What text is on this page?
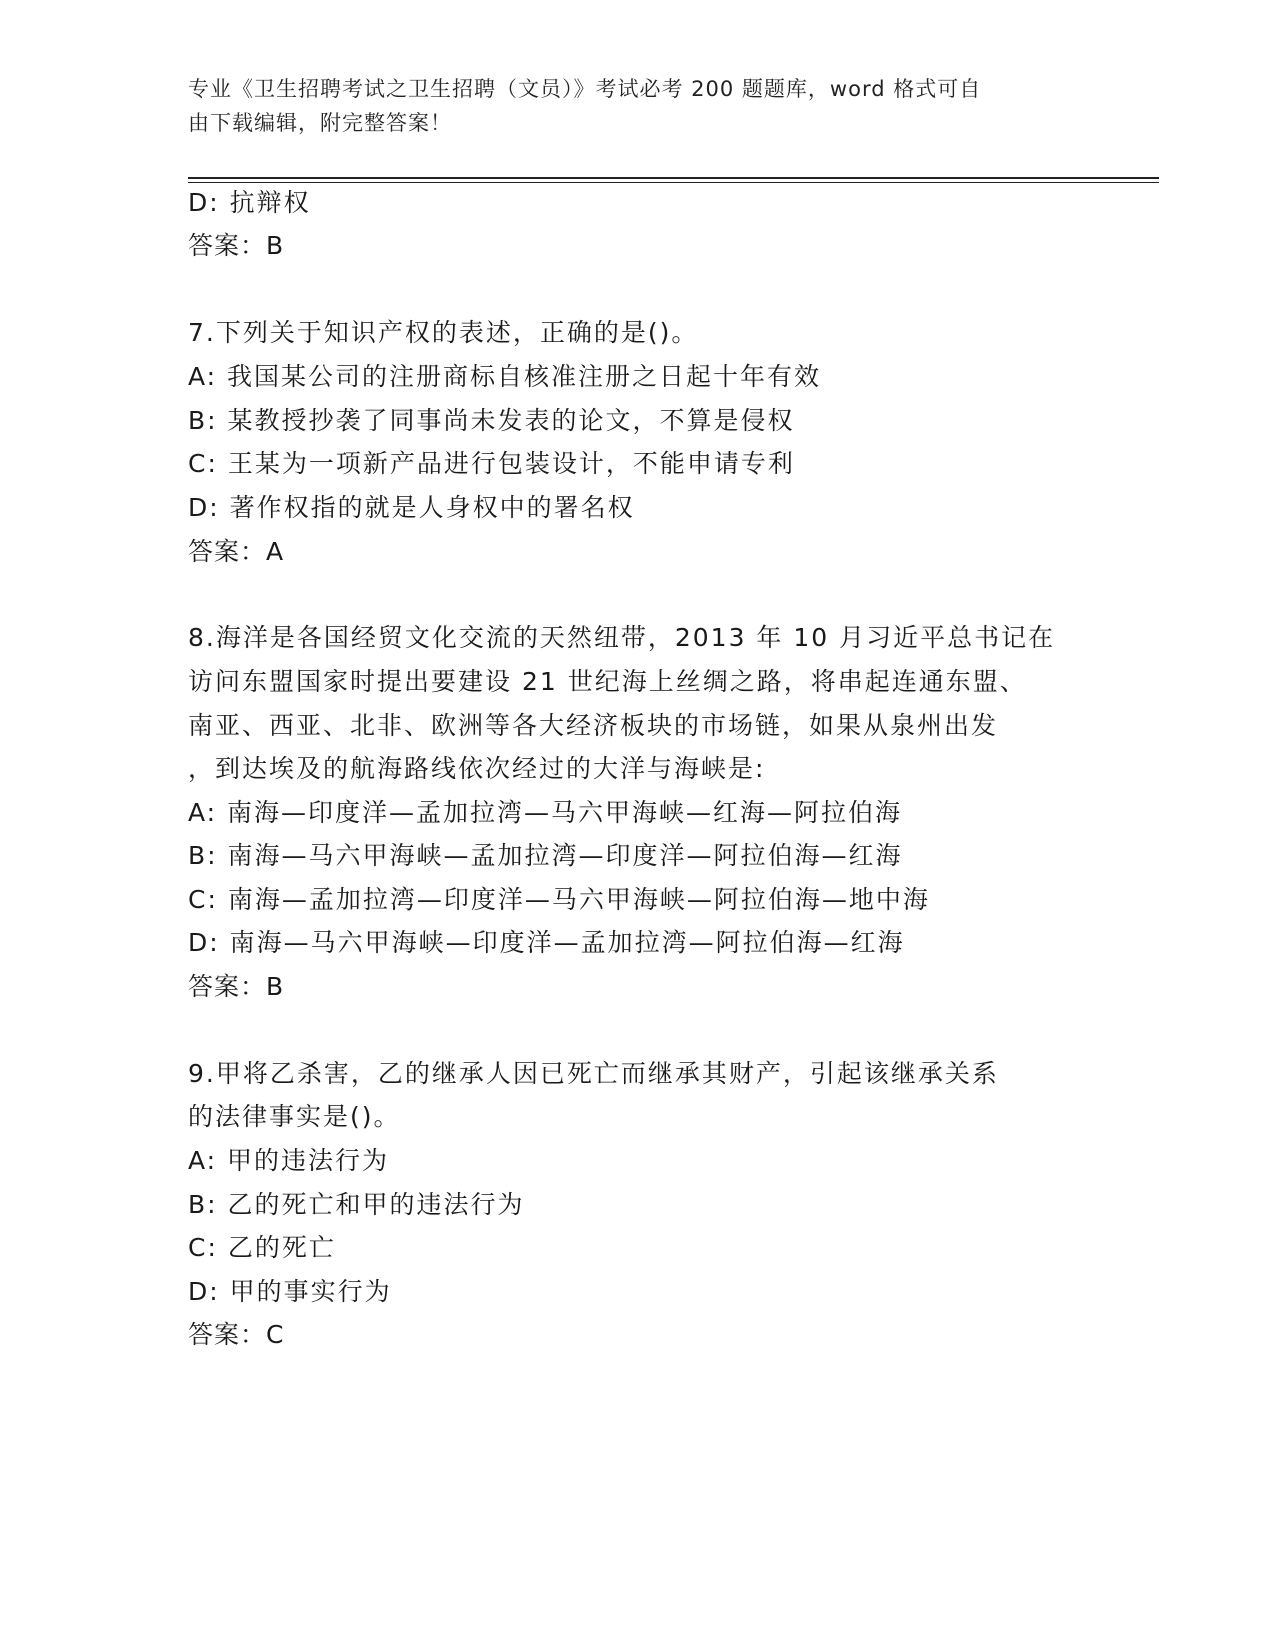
专业《卫生招聘考试之卫生招聘（文员）》考试必考 200 题题库，word 格式可自
由下载编辑，附完整答案！
D: 抗辩权
答案：B
7.下列关于知识产权的表述，正确的是()。
A: 我国某公司的注册商标自核准注册之日起十年有效
B: 某教授抄袭了同事尚未发表的论文，不算是侵权
C: 王某为一项新产品进行包装设计，不能申请专利
D: 著作权指的就是人身权中的署名权
答案：A
8.海洋是各国经贸文化交流的天然纽带，2013 年 10 月习近平总书记在
访问东盟国家时提出要建设 21 世纪海上丝绸之路，将串起连通东盟、
南亚、西亚、北非、欧洲等各大经济板块的市场链，如果从泉州出发
，到达埃及的航海路线依次经过的大洋与海峡是:
A: 南海—印度洋—孟加拉湾—马六甲海峡—红海—阿拉伯海
B: 南海—马六甲海峡—孟加拉湾—印度洋—阿拉伯海—红海
C: 南海—孟加拉湾—印度洋—马六甲海峡—阿拉伯海—地中海
D: 南海—马六甲海峡—印度洋—孟加拉湾—阿拉伯海—红海
答案：B
9.甲将乙杀害，乙的继承人因已死亡而继承其财产，引起该继承关系
的法律事实是()。
A: 甲的违法行为
B: 乙的死亡和甲的违法行为
C: 乙的死亡
D: 甲的事实行为
答案：C
